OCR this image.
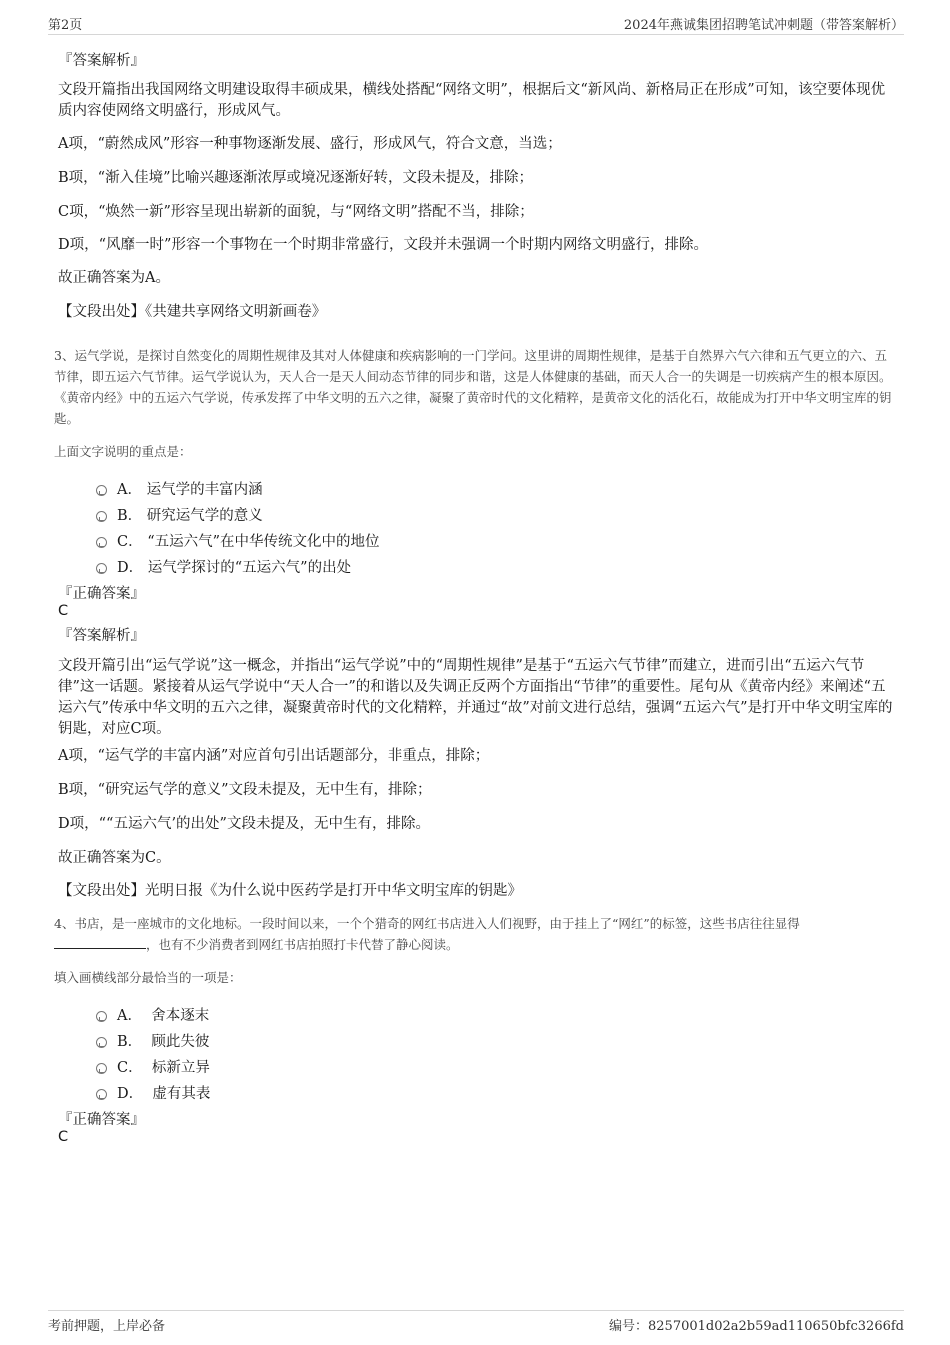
第2页	2024年燕诚集团招聘笔试冲刺题（带答案解析）
『答案解析』
文段开篇指出我国网络文明建设取得丰硕成果，横线处搭配“网络文明”，根据后文“新风尚、新格局正在形成”可知，该空要体现优质内容使网络文明盛行，形成风气。
A项，“蔚然成风”形容一种事物逐渐发展、盛行，形成风气，符合文意，当选；
B项，“渐入佳境”比喻兴趣逐渐浓厚或境况逐渐好转，文段未提及，排除；
C项，“焕然一新”形容呈现出崭新的面貌，与“网络文明”搭配不当，排除；
D项，“风靡一时”形容一个事物在一个时期非常盛行，文段并未强调一个时期内网络文明盛行，排除。
故正确答案为A。
【文段出处】《共建共享网络文明新画卷》
3、运气学说，是探讨自然变化的周期性规律及其对人体健康和疾病影响的一门学问。这里讲的周期性规律，是基于自然界六气六律和五气更立的六、五节律，即五运六气节律。运气学说认为，天人合一是天人间动态节律的同步和谐，这是人体健康的基础，而天人合一的失调是一切疾病产生的根本原因。《黄帝内经》中的五运六气学说，传承发挥了中华文明的五六之律，凝聚了黄帝时代的文化精粹，是黄帝文化的活化石，故能成为打开中华文明宝库的钥匙。
上面文字说明的重点是：
A． 运气学的丰富内涵
B． 研究运气学的意义
C． “五运六气”在中华传统文化中的地位
D． 运气学探讨的“五运六气”的出处
『正确答案』
C
『答案解析』
文段开篇引出“运气学说”这一概念，并指出“运气学说”中的“周期性规律”是基于“五运六气节律”而建立，进而引出“五运六气节律”这一话题。紧接着从运气学说中“天人合一”的和谐以及失调正反两个方面指出“节律”的重要性。尾句从《黄帝内经》来阐述“五运六气”传承中华文明的五六之律，凝聚黄帝时代的文化精粹，并通过“故”对前文进行总结，强调“五运六气”是打开中华文明宝库的钥匙，对应C项。
A项，“运气学的丰富内涵”对应首句引出话题部分，非重点，排除；
B项，“研究运气学的意义”文段未提及，无中生有，排除；
D项，““五运六气’的出处”文段未提及，无中生有，排除。
故正确答案为C。
【文段出处】光明日报《为什么说中医药学是打开中华文明宝库的钥匙》
4、书店，是一座城市的文化地标。一段时间以来，一个个猎奇的网红书店进入人们视野，由于挂上了“网红”的标签，这些书店往往显得
，也有不少消费者到网红书店拍照打卡代替了静心阅读。
填入画横线部分最恰当的一项是：
A． 舍本逐末
B． 顾此失彼
C． 标新立异
D． 虚有其表
『正确答案』
C
考前押题，上岸必备	编号：8257001d02a2b59ad110650bfc3266fd
